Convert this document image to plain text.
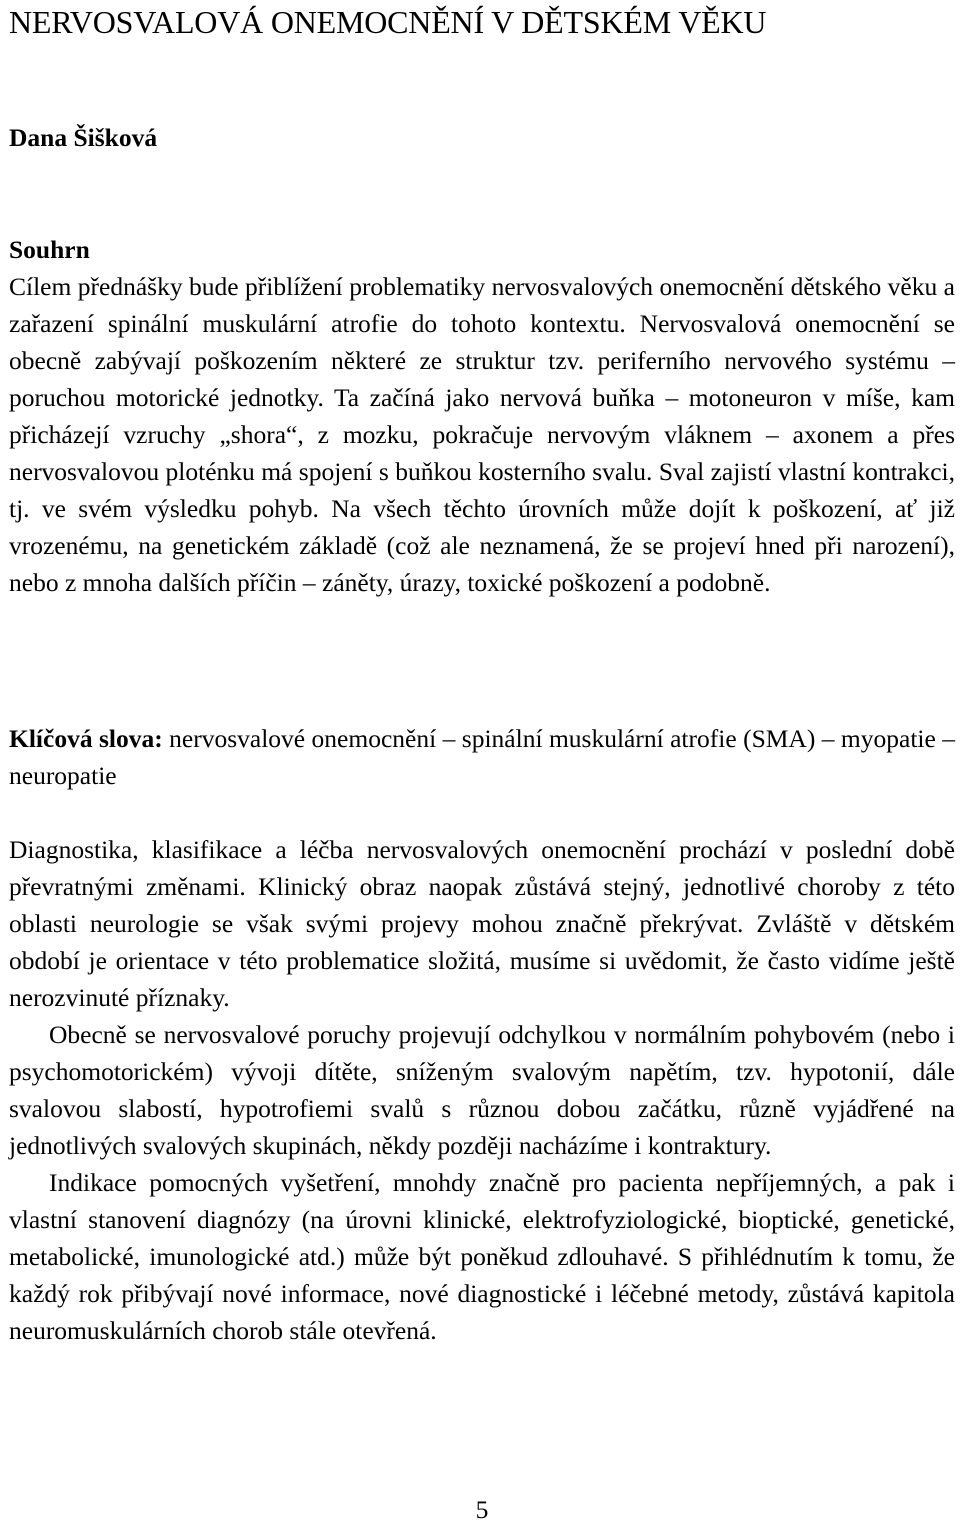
NERVOSVALOVÁ ONEMOCNĚNÍ V DĚTSKÉM VĚKU
Dana Šišková
Souhrn

Cílem přednášky bude přiblížení problematiky nervosvalových onemocnění dětského věku a zařazení spinální muskulární atrofie do tohoto kontextu. Nervosvalová onemocnění se obecně zabývají poškozením některé ze struktur tzv. periferního nervového systému – poruchou motorické jednotky. Ta začíná jako nervová buňka – motoneuron v míše, kam přicházejí vzruchy „shora“, z mozku, pokračuje nervovým vláknem – axonem a přes nervosvalovou ploténku má spojení s buňkou kosterního svalu. Sval zajistí vlastní kontrakci, tj. ve svém výsledku pohyb. Na všech těchto úrovních může dojít k poškození, ať již vrozenému, na genetickém základě (což ale neznamená, že se projeví hned při narození), nebo z mnoha dalších příčin – záněty, úrazy, toxické poškození a podobně.

Klíčová slova: nervosvalové onemocnění – spinální muskulární atrofie (SMA) – myopatie – neuropatie

Diagnostika, klasifikace a léčba nervosvalových onemocnění prochází v poslední době převratnými změnami. Klinický obraz naopak zůstává stejný, jednotlivé choroby z této oblasti neurologie se však svými projevy mohou značně překrývat. Zvláště v dětském období je orientace v této problematice složitá, musíme si uvědomit, že často vidíme ještě nerozvinuté příznaky.

Obecně se nervosvalové poruchy projevují odchylkou v normálním pohybovém (nebo i psychomotorickém) vývoji dítěte, sníženým svalovým napětím, tzv. hypotonií, dále svalovou slabostí, hypotrofiemi svalů s různou dobou začátku, různě vyjádřené na jednotlivých svalových skupinách, někdy později nacházíme i kontraktury.

Indikace pomocných vyšetření, mnohdy značně pro pacienta nepříjemných, a pak i vlastní stanovení diagnózy (na úrovni klinické, elektrofyziologické, bioptické, genetické, metabolické, imunologické atd.) může být poněkud zdlouhavé. S přihlédnutím k tomu, že každý rok přibývají nové informace, nové diagnostické i léčebné metody, zůstává kapitola neuromuskulárních chorob stále otevřená.

5
